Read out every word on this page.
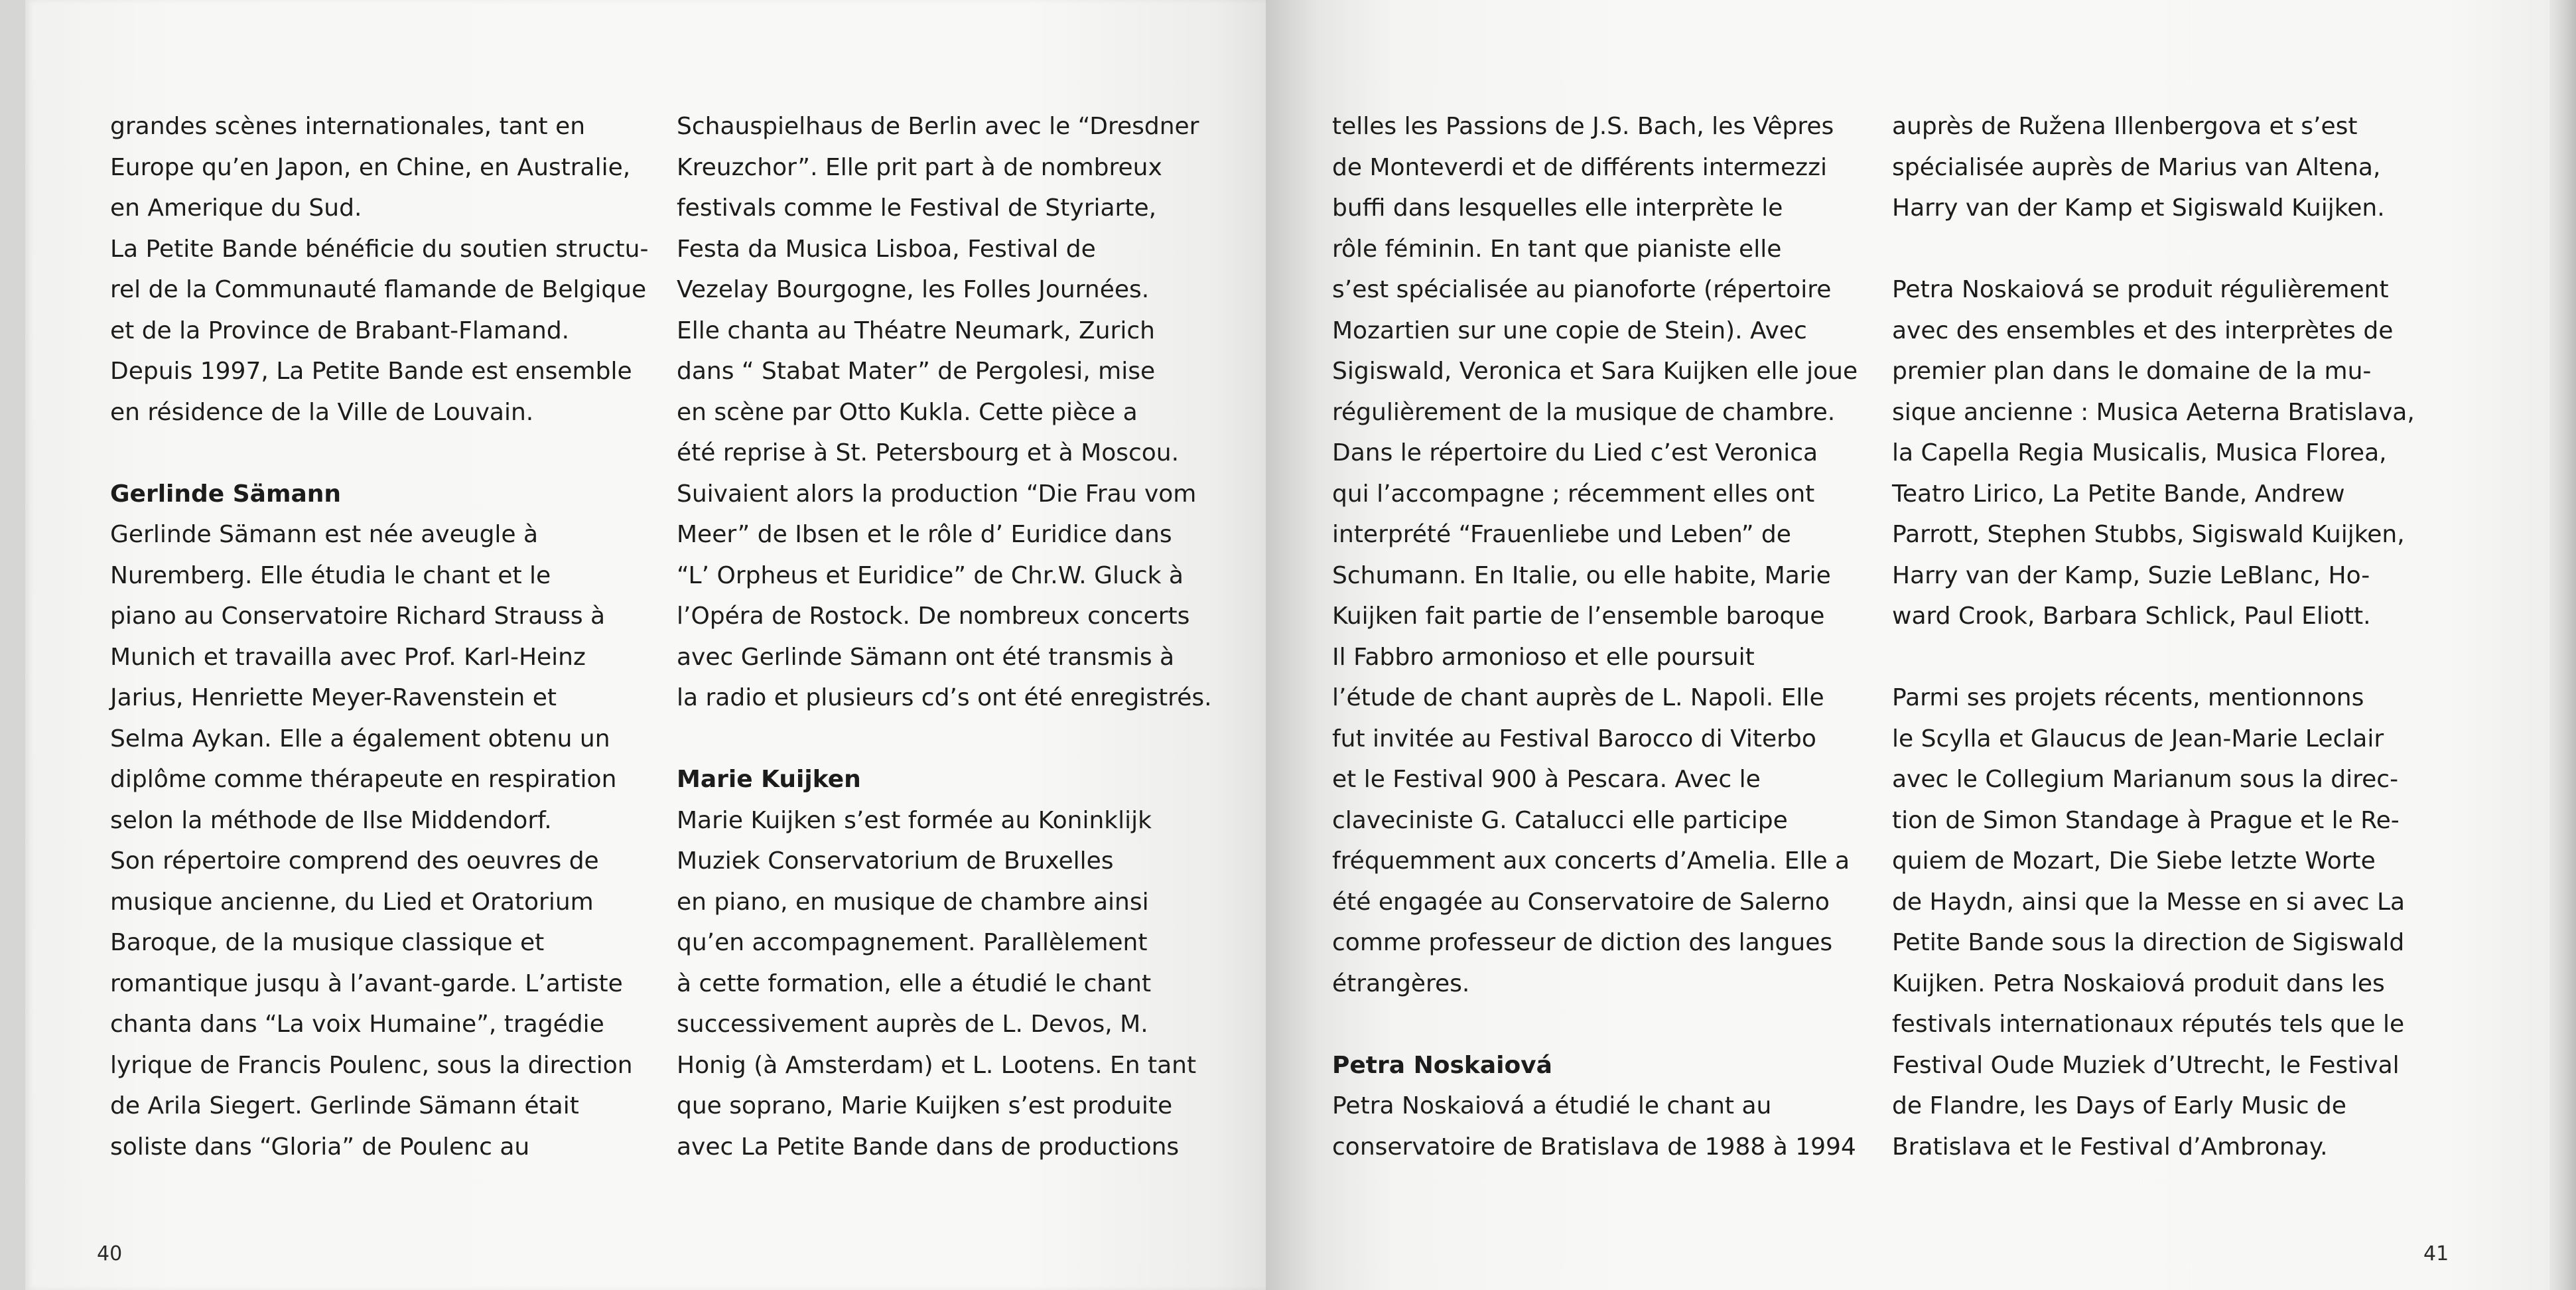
grandes scènes internationales, tant en

Europe qu’en Japon, en Chine, en Australie,

en Amerique du Sud.

La Petite Bande bénéficie du soutien structu-

rel de la Communauté flamande de Belgique

et de la Province de Brabant-Flamand.

Depuis 1997, La Petite Bande est ensemble

en résidence de la Ville de Louvain.

Gerlinde Sämann

Gerlinde Sämann est née aveugle à

Nuremberg. Elle étudia le chant et le

piano au Conservatoire Richard Strauss à

Munich et travailla avec Prof. Karl-Heinz

Jarius, Henriette Meyer-Ravenstein et

Selma Aykan. Elle a également obtenu un

diplôme comme thérapeute en respiration

selon la méthode de Ilse Middendorf.

Son répertoire comprend des oeuvres de

musique ancienne, du Lied et Oratorium

Baroque, de la musique classique et

romantique jusqu à l’avant-garde. L’artiste

chanta dans “La voix Humaine”, tragédie

lyrique de Francis Poulenc, sous la direction

de Arila Siegert. Gerlinde Sämann était

soliste dans “Gloria” de Poulenc au

Schauspielhaus de Berlin avec le “Dresdner

Kreuzchor”. Elle prit part à de nombreux

festivals comme le Festival de Styriarte,

Festa da Musica Lisboa, Festival de

Vezelay Bourgogne, les Folles Journées.

Elle chanta au Théatre Neumark, Zurich

dans “ Stabat Mater” de Pergolesi, mise

en scène par Otto Kukla. Cette pièce a

été reprise à St. Petersbourg et à Moscou.

Suivaient alors la production “Die Frau vom

Meer” de Ibsen et le rôle d’ Euridice dans

“L’ Orpheus et Euridice” de Chr.W. Gluck à

l’Opéra de Rostock. De nombreux concerts

avec Gerlinde Sämann ont été transmis à

la radio et plusieurs cd’s ont été enregistrés.

Marie Kuijken

Marie Kuijken s’est formée au Koninklijk

Muziek Conservatorium de Bruxelles

en piano, en musique de chambre ainsi

qu’en accompagnement. Parallèlement

à cette formation, elle a étudié le chant

successivement auprès de L. Devos, M.

Honig (à Amsterdam) et L. Lootens. En tant

que soprano, Marie Kuijken s’est produite

avec La Petite Bande dans de productions

40

telles les Passions de J.S. Bach, les Vêpres

de Monteverdi et de différents intermezzi

buffi dans lesquelles elle interprète le

rôle féminin. En tant que pianiste elle

s’est spécialisée au pianoforte (répertoire

Mozartien sur une copie de Stein). Avec

Sigiswald, Veronica et Sara Kuijken elle joue

régulièrement de la musique de chambre.

Dans le répertoire du Lied c’est Veronica

qui l’accompagne ; récemment elles ont

interprété “Frauenliebe und Leben” de

Schumann. En Italie, ou elle habite, Marie

Kuijken fait partie de l’ensemble baroque

Il Fabbro armonioso et elle poursuit

l’étude de chant auprès de L. Napoli. Elle

fut invitée au Festival Barocco di Viterbo

et le Festival 900 à Pescara. Avec le

claveciniste G. Catalucci elle participe

fréquemment aux concerts d’Amelia. Elle a

été engagée au Conservatoire de Salerno

comme professeur de diction des langues

étrangères.

Petra Noskaiová

Petra Noskaiová a étudié le chant au

conservatoire de Bratislava de 1988 à 1994

auprès de Ružena Illenbergova et s’est

spécialisée auprès de Marius van Altena,

Harry van der Kamp et Sigiswald Kuijken.

Petra Noskaiová se produit régulièrement

avec des ensembles et des interprètes de

premier plan dans le domaine de la mu-

sique ancienne : Musica Aeterna Bratislava,

la Capella Regia Musicalis, Musica Florea,

Teatro Lirico, La Petite Bande, Andrew

Parrott, Stephen Stubbs, Sigiswald Kuijken,

Harry van der Kamp, Suzie LeBlanc, Ho-

ward Crook, Barbara Schlick, Paul Eliott.

Parmi ses projets récents, mentionnons

le Scylla et Glaucus de Jean-Marie Leclair

avec le Collegium Marianum sous la direc-

tion de Simon Standage à Prague et le Re-

quiem de Mozart, Die Siebe letzte Worte

de Haydn, ainsi que la Messe en si avec La

Petite Bande sous la direction de Sigiswald

Kuijken. Petra Noskaiová produit dans les

festivals internationaux réputés tels que le

Festival Oude Muziek d’Utrecht, le Festival

de Flandre, les Days of Early Music de

Bratislava et le Festival d’Ambronay.

41
